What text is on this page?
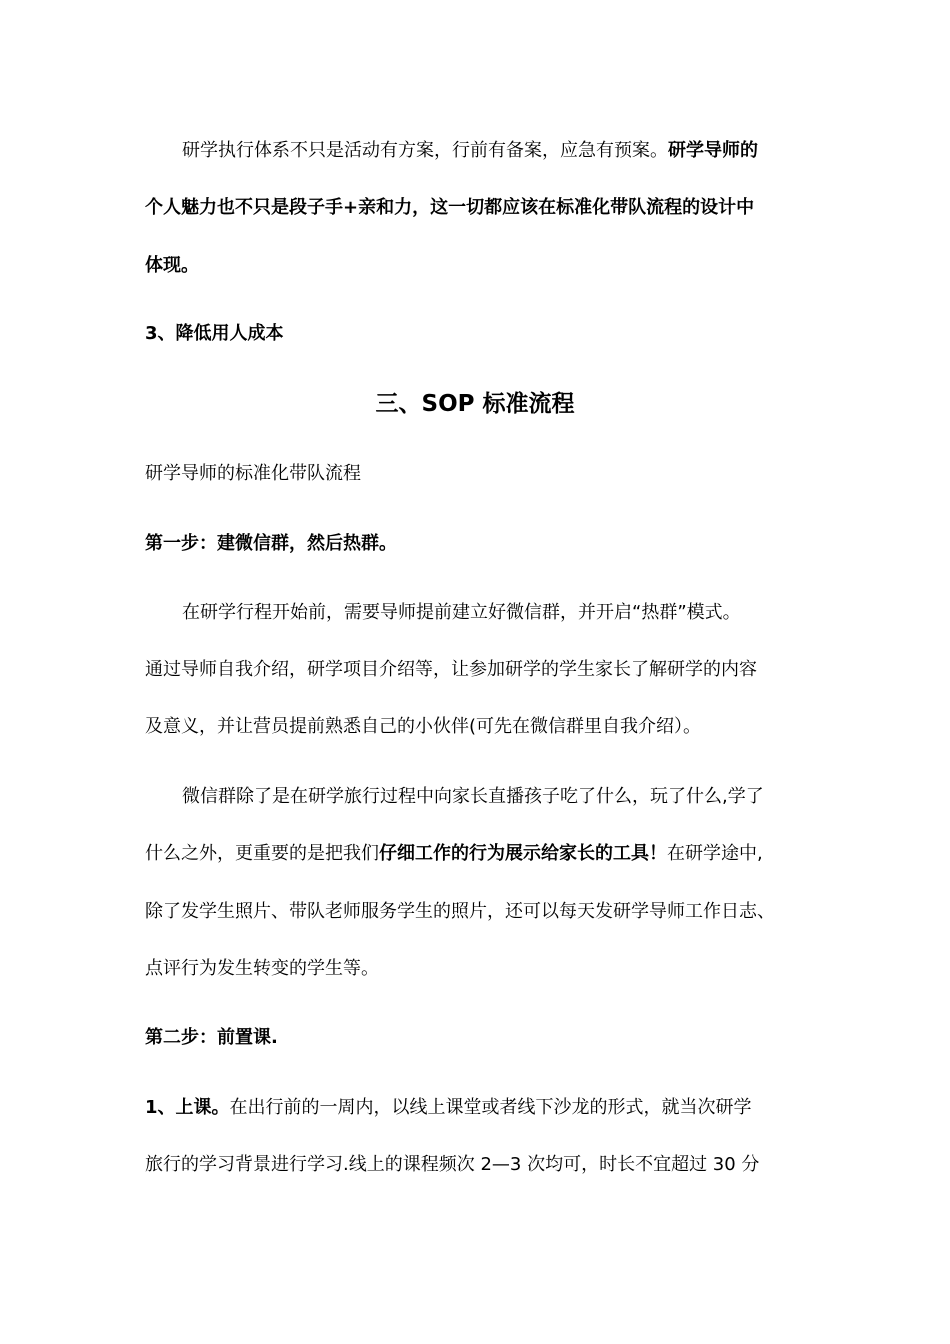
研学执行体系不只是活动有方案，行前有备案，应急有预案。研学导师的
个人魅力也不只是段子手+亲和力，这一切都应该在标准化带队流程的设计中
体现。
3、降低用人成本
三、SOP 标准流程
研学导师的标准化带队流程
第一步：建微信群，然后热群。
在研学行程开始前，需要导师提前建立好微信群，并开启“热群”模式。
通过导师自我介绍，研学项目介绍等，让参加研学的学生家长了解研学的内容
及意义，并让营员提前熟悉自己的小伙伴(可先在微信群里自我介绍）。
微信群除了是在研学旅行过程中向家长直播孩子吃了什么，玩了什么,学了
什么之外，更重要的是把我们仔细工作的行为展示给家长的工具！在研学途中,
除了发学生照片、带队老师服务学生的照片，还可以每天发研学导师工作日志、
点评行为发生转变的学生等。
第二步：前置课.
1、上课。在出行前的一周内，以线上课堂或者线下沙龙的形式，就当次研学
旅行的学习背景进行学习.线上的课程频次 2—3 次均可，时长不宜超过 30 分
